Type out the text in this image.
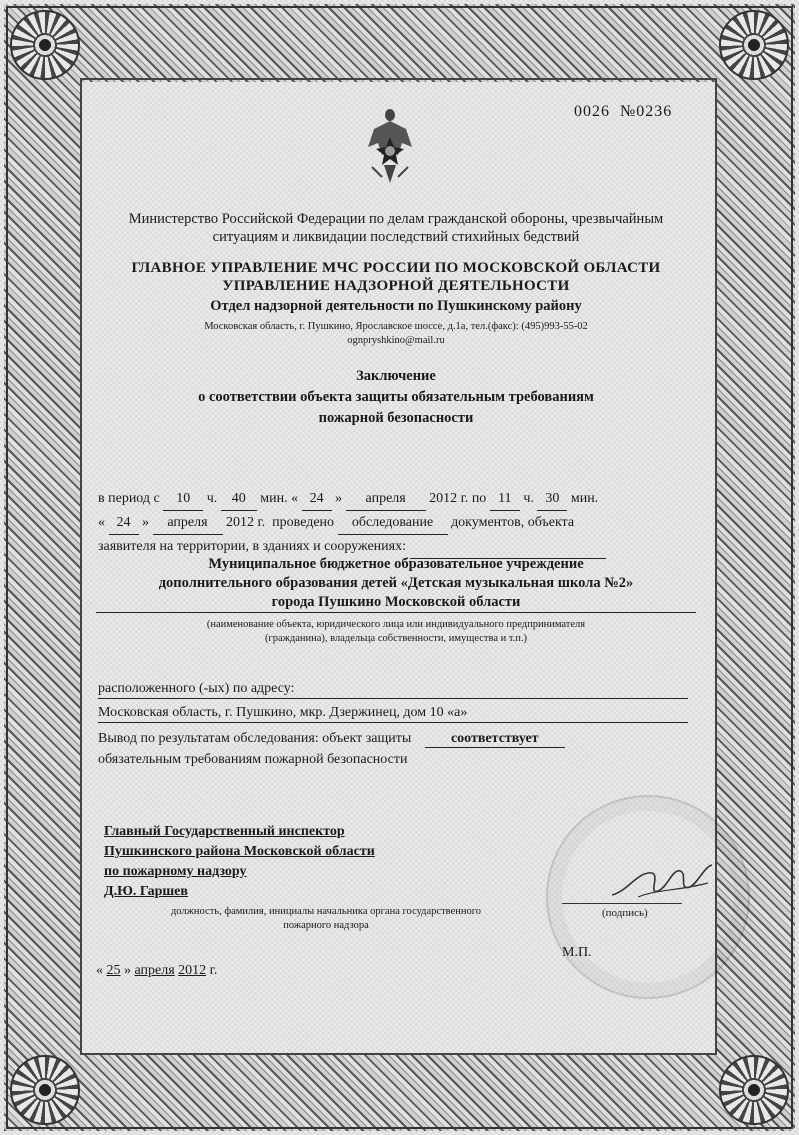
0026 №0236
Министерство Российской Федерации по делам гражданской обороны, чрезвычайным ситуациям и ликвидации последствий стихийных бедствий
ГЛАВНОЕ УПРАВЛЕНИЕ МЧС РОССИИ ПО МОСКОВСКОЙ ОБЛАСТИ
УПРАВЛЕНИЕ НАДЗОРНОЙ ДЕЯТЕЛЬНОСТИ
Отдел надзорной деятельности по Пушкинскому району
Московская область, г. Пушкино, Ярославское шоссе, д.1а, тел.(факс): (495)993-55-02
ognpryshkino@mail.ru
Заключение
о соответствии объекта защиты обязательным требованиям
пожарной безопасности
в период с 10 ч. 40 мин. « 24 » апреля 2012 г. по 11 ч. 30 мин.
« 24 » апреля 2012 г. проведено обследование документов, объекта
заявителя на территории, в зданиях и сооружениях:
Муниципальное бюджетное образовательное учреждение
дополнительного образования детей «Детская музыкальная школа №2»
города Пушкино Московской области
(наименование объекта, юридического лица или индивидуального предпринимателя
(гражданина), владельца собственности, имущества и т.п.)
расположенного (-ых) по адресу:
Московская область, г. Пушкино, мкр. Дзержинец, дом 10 «а»
Вывод по результатам обследования: объект защиты	соответствует
обязательным требованиям пожарной безопасности
Главный Государственный инспектор
Пушкинского района Московской области
по пожарному надзору
Д.Ю. Гаршев
должность, фамилия, инициалы начальника органа государственного
пожарного надзора
(подпись)
М.П.
« 25 » апреля 2012 г.
